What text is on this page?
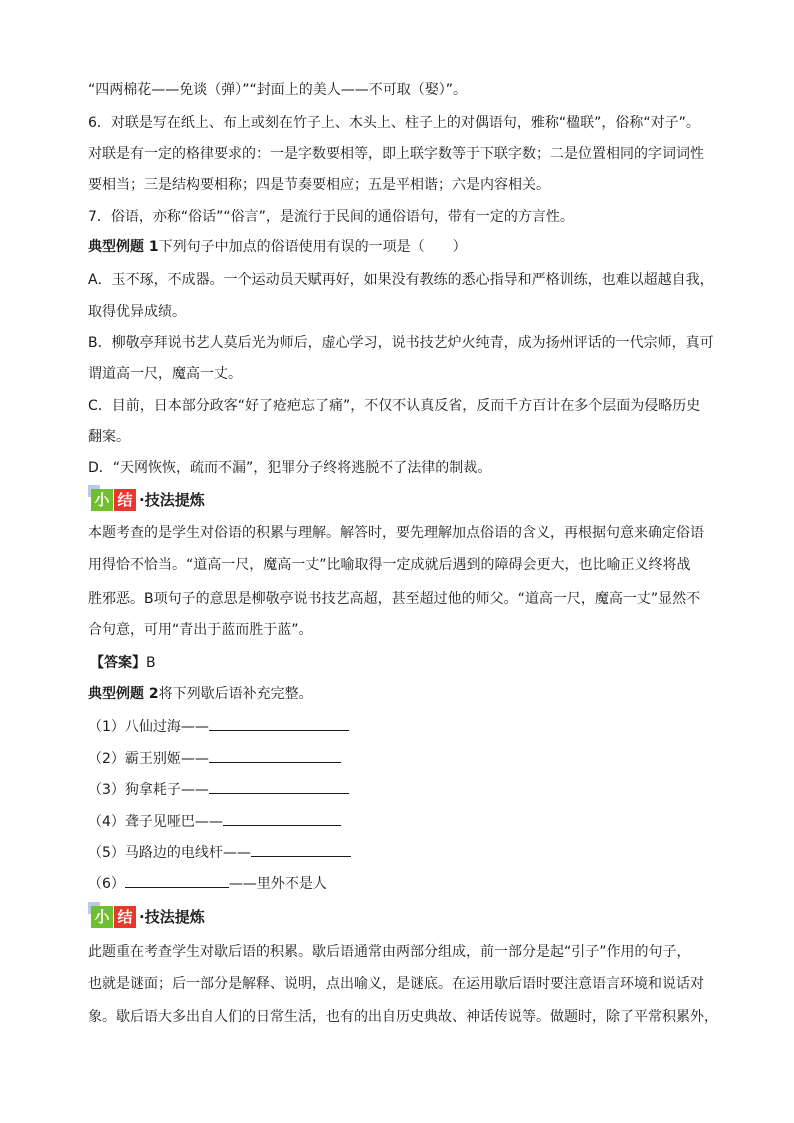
“四两棉花——免谈（弹）”“封面上的美人——不可取（娶）”。
6．对联是写在纸上、布上或刻在竹子上、木头上、柱子上的对偶语句，雅称“楹联”，俗称“对子”。
对联是有一定的格律要求的：一是字数要相等，即上联字数等于下联字数；二是位置相同的字词词性
要相当；三是结构要相称；四是节奏要相应；五是平相谐；六是内容相关。
7．俗语，亦称“俗话”“俗言”，是流行于民间的通俗语句，带有一定的方言性。
典型例题 1下列句子中加点的俗语使用有误的一项是（　　）
A．玉不琢，不成器。一个运动员天赋再好，如果没有教练的悉心指导和严格训练，也难以超越自我，
取得优异成绩。
B．柳敬亭拜说书艺人莫后光为师后，虚心学习，说书技艺炉火纯青，成为扬州评话的一代宗师，真可
谓道高一尺，魔高一丈。
C．目前，日本部分政客“好了疮疤忘了痛”，不仅不认真反省，反而千方百计在多个层面为侵略历史
翻案。
D．“天网恢恢，疏而不漏”，犯罪分子终将逃脱不了法律的制裁。
小 结 ·技法提炼
本题考查的是学生对俗语的积累与理解。解答时，要先理解加点俗语的含义，再根据句意来确定俗语
用得恰不恰当。“道高一尺，魔高一丈”比喻取得一定成就后遇到的障碍会更大，也比喻正义终将战
胜邪恶。B项句子的意思是柳敬亭说书技艺高超，甚至超过他的师父。“道高一尺，魔高一丈”显然不
合句意，可用“青出于蓝而胜于蓝”。
【答案】B
典型例题 2将下列歇后语补充完整。
（1）八仙过海——
（2）霸王别姬——
（3）狗拿耗子——
（4）聋子见哑巴——
（5）马路边的电线杆——
（6）	——里外不是人
小 结 ·技法提炼
此题重在考查学生对歇后语的积累。歇后语通常由两部分组成，前一部分是起“引子”作用的句子，
也就是谜面；后一部分是解释、说明，点出喻义，是谜底。在运用歇后语时要注意语言环境和说话对
象。歇后语大多出自人们的日常生活，也有的出自历史典故、神话传说等。做题时，除了平常积累外，
